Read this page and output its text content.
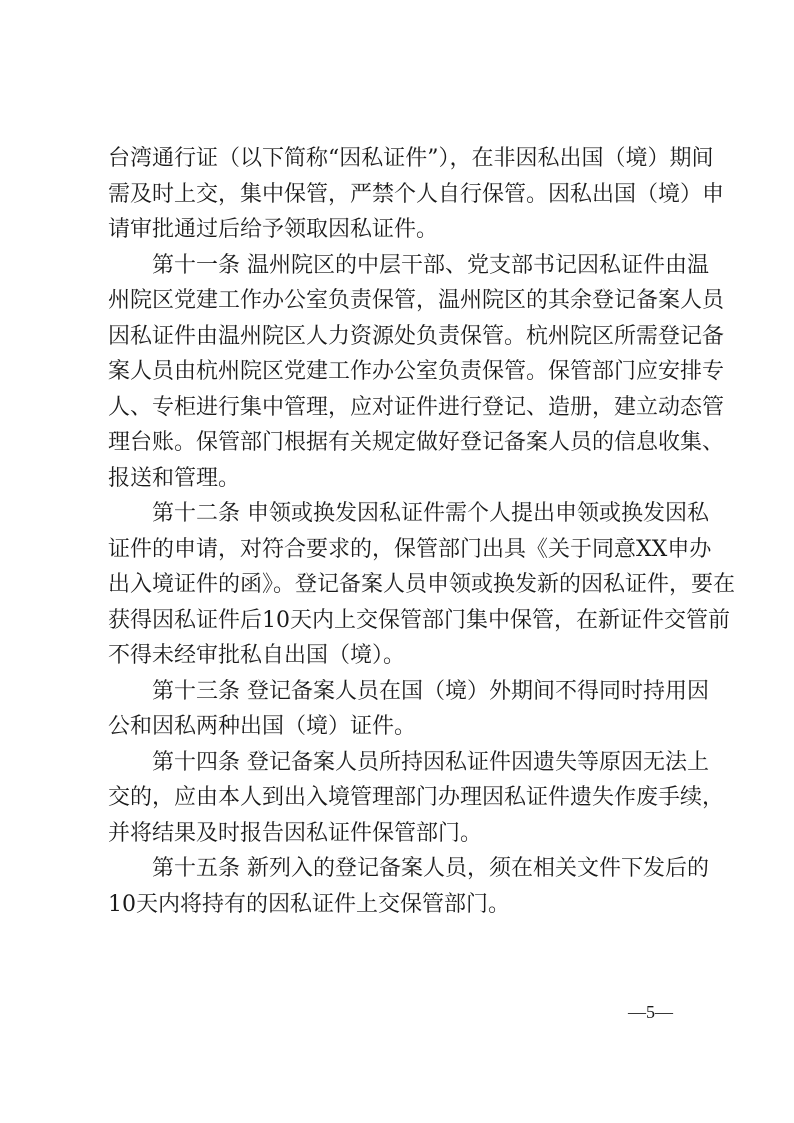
台湾通行证（以下简称“因私证件”），在非因私出国（境）期间
需及时上交，集中保管，严禁个人自行保管。因私出国（境）申
请审批通过后给予领取因私证件。
第十一条 温州院区的中层干部、党支部书记因私证件由温
州院区党建工作办公室负责保管，温州院区的其余登记备案人员
因私证件由温州院区人力资源处负责保管。杭州院区所需登记备
案人员由杭州院区党建工作办公室负责保管。保管部门应安排专
人、专柜进行集中管理，应对证件进行登记、造册，建立动态管
理台账。保管部门根据有关规定做好登记备案人员的信息收集、
报送和管理。
第十二条 申领或换发因私证件需个人提出申领或换发因私
证件的申请，对符合要求的，保管部门出具《关于同意XX申办
出入境证件的函》。登记备案人员申领或换发新的因私证件，要在
获得因私证件后10天内上交保管部门集中保管，在新证件交管前
不得未经审批私自出国（境）。
第十三条 登记备案人员在国（境）外期间不得同时持用因
公和因私两种出国（境）证件。
第十四条 登记备案人员所持因私证件因遗失等原因无法上
交的，应由本人到出入境管理部门办理因私证件遗失作废手续，
并将结果及时报告因私证件保管部门。
第十五条 新列入的登记备案人员，须在相关文件下发后的
10天内将持有的因私证件上交保管部门。
—5—
